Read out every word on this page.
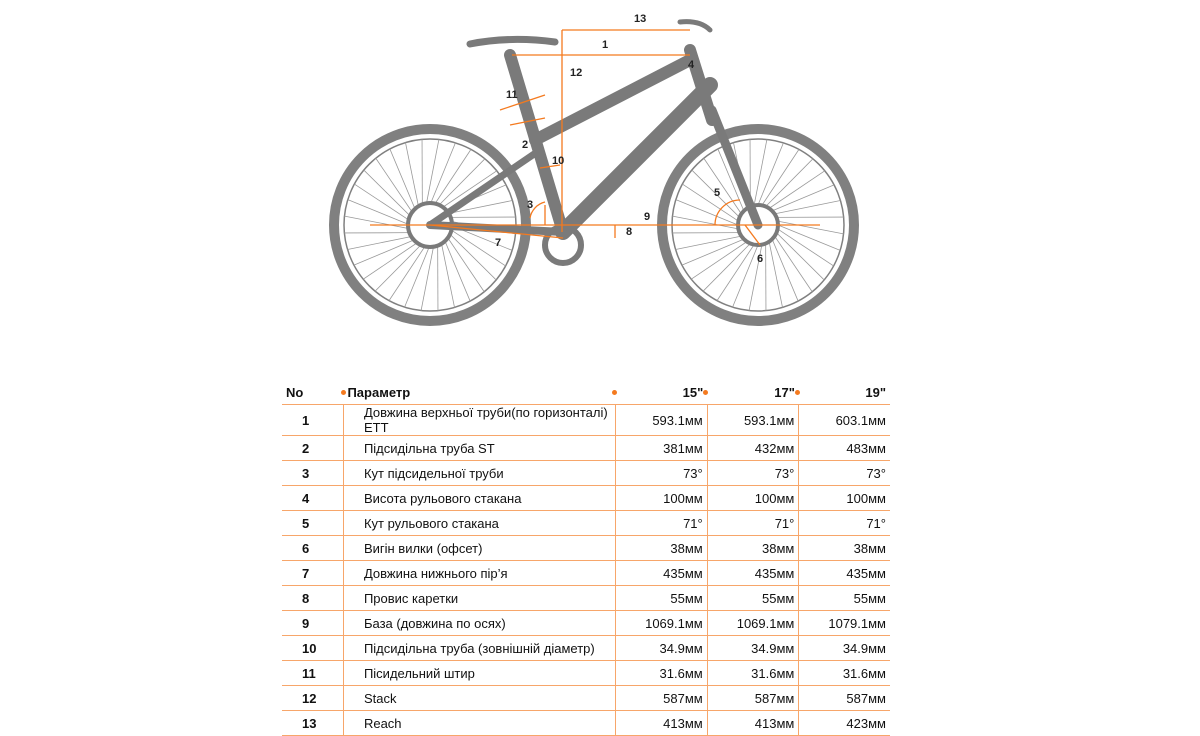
1
2
3
4
5
6
7
8
9
10
11
12
13
No	Параметр	15"	17"	19"

1	Довжина верхньої труби(по горизонталі) ETT	593.1мм	593.1мм	603.1мм
2	Підсидільна труба ST	381мм	432мм	483мм
3	Кут підсидельної труби	73°	73°	73°
4	Висота рульового стакана	100мм	100мм	100мм
5	Кут рульового стакана	71°	71°	71°
6	Вигін вилки (офсет)	38мм	38мм	38мм
7	Довжина нижнього пір’я	435мм	435мм	435мм
8	Провис каретки	55мм	55мм	55мм
9	База (довжина по осях)	1069.1мм	1069.1мм	1079.1мм
10	Підсидільна труба (зовнішній діаметр)	34.9мм	34.9мм	34.9мм
11	Пісидельний штир	31.6мм	31.6мм	31.6мм
12	Stack	587мм	587мм	587мм
13	Reach	413мм	413мм	423мм
